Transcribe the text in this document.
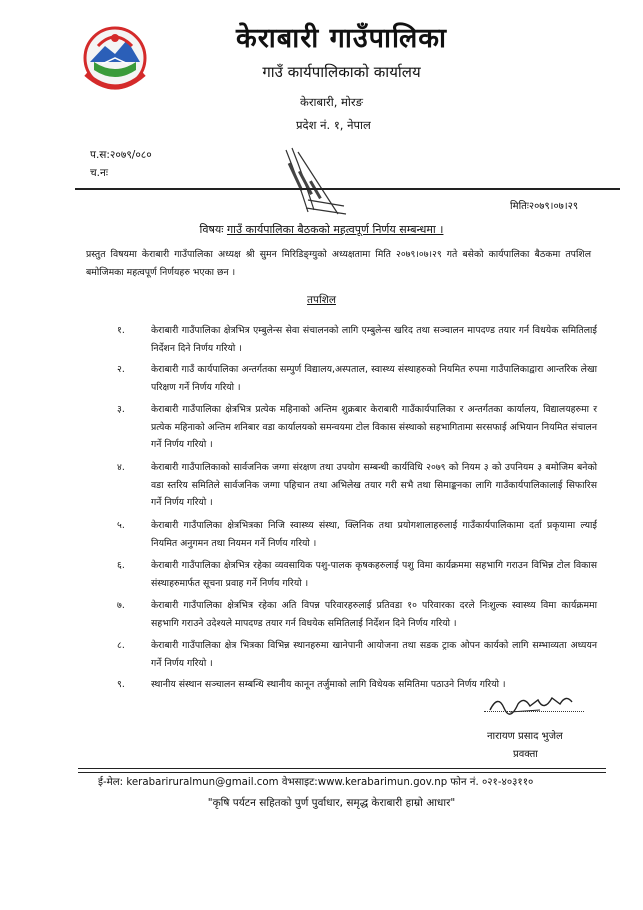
केराबारी गाउँपालिका
गाउँ कार्यपालिकाको कार्यालय
केराबारी, मोरङ
प्रदेश नं. १, नेपाल
प.स:२०७९/०८०
च.नः
मितिः२०७९।०७।२९
विषयः गाउँ कार्यपालिका बैठकको महत्वपूर्ण निर्णय सम्बन्धमा ।
प्रस्तुत विषयमा केराबारी गाउँपालिका अध्यक्ष श्री सुमन मिरिडिङ्ग्युको अध्यक्षतामा मिति २०७९।०७।२९ गते बसेको कार्यपालिका बैठकमा तपशिल बमोजिमका महत्वपूर्ण निर्णयहरु भएका छन ।
तपशिल
१.	केराबारी गाउँपालिका क्षेत्रभित्र एम्बुलेन्स सेवा संचालनको लागि एम्बुलेन्स खरिद तथा सञ्चालन मापदण्ड तयार गर्न विधयेक समितिलाई निर्देशन दिने निर्णय गरियो ।
२.	केराबारी गाउँ कार्यपालिका अन्तर्गतका सम्पुर्ण विद्यालय,अस्पताल, स्वास्थ्य संस्थाहरुको नियमित रुपमा गाउँपालिकाद्वारा आन्तरिक लेखा परिक्षण गर्ने निर्णय गरियो ।
३.	केराबारी गाउँपालिका क्षेत्रभित्र प्रत्येक महिनाको अन्तिम शुक्रबार केराबारी गाउँकार्यपालिका र अन्तर्गतका कार्यालय, विद्यालयहरुमा र प्रत्येक महिनाको अन्तिम शनिबार वडा कार्यालयको समन्वयमा टोल विकास संस्थाको सहभागितामा सरसफाई अभियान नियमित संचालन गर्ने निर्णय गरियो ।
४.	केराबारी गाउँपालिकाको सार्वजनिक जग्गा संरक्षण तथा उपयोग सम्बन्धी कार्यविधि २०७९ को नियम ३ को उपनियम ३ बमोजिम बनेको वडा स्तरिय समितिले सार्वजनिक जग्गा पहिचान तथा अभिलेख तयार गरी सभै तथा सिमाङ्कनका लागि गाउँकार्यपालिकालाई सिफारिस गर्ने निर्णय गरियो ।
५.	केराबारी गाउँपालिका क्षेत्रभित्रका निजि स्वास्थ्य संस्था, क्लिनिक तथा प्रयोगशालाहरुलाई गाउँकार्यपालिकामा दर्ता प्रकृयामा ल्याई नियमित अनुगमन तथा नियमन गर्ने निर्णय गरियो ।
६.	केराबारी गाउँपालिका क्षेत्रभित्र रहेका व्यवसायिक पशु-पालक कृषकहरुलाई पशु विमा कार्यक्रममा सहभागि गराउन विभिन्न टोल विकास संस्थाहरुमार्फत सूचना प्रवाह गर्ने निर्णय गरियो ।
७.	केराबारी गाउँपालिका क्षेत्रभित्र रहेका अति विपन्न परिवारहरुलाई प्रतिवडा १० परिवारका दरले निःशुल्क स्वास्थ्य विमा कार्यक्रममा सहभागि गराउने उदेश्यले मापदण्ड तयार गर्न विधयेक समितिलाई निर्देशन दिने निर्णय गरियो ।
८.	केराबारी गाउँपालिका क्षेत्र भित्रका विभिन्न स्थानहरुमा खानेपानी आयोजना तथा सडक ट्राक ओपन कार्यको लागि सम्भाव्यता अध्ययन गर्ने निर्णय गरियो ।
९.	स्थानीय संस्थान सञ्चालन सम्बन्धि स्थानीय कानून तर्जुमाको लागि विधेयक समितिमा पठाउने निर्णय गरियो ।
नारायण प्रसाद भुजेल
प्रवक्ता
ई-मेल: kerabariruralmun@gmail.com वेभसाइट:www.kerabarimun.gov.np फोन नं. ०२१-४०३११०
"कृषि पर्यटन सहितको पुर्ण पुर्वाधार, समृद्ध केराबारी हाम्रो आधार"
